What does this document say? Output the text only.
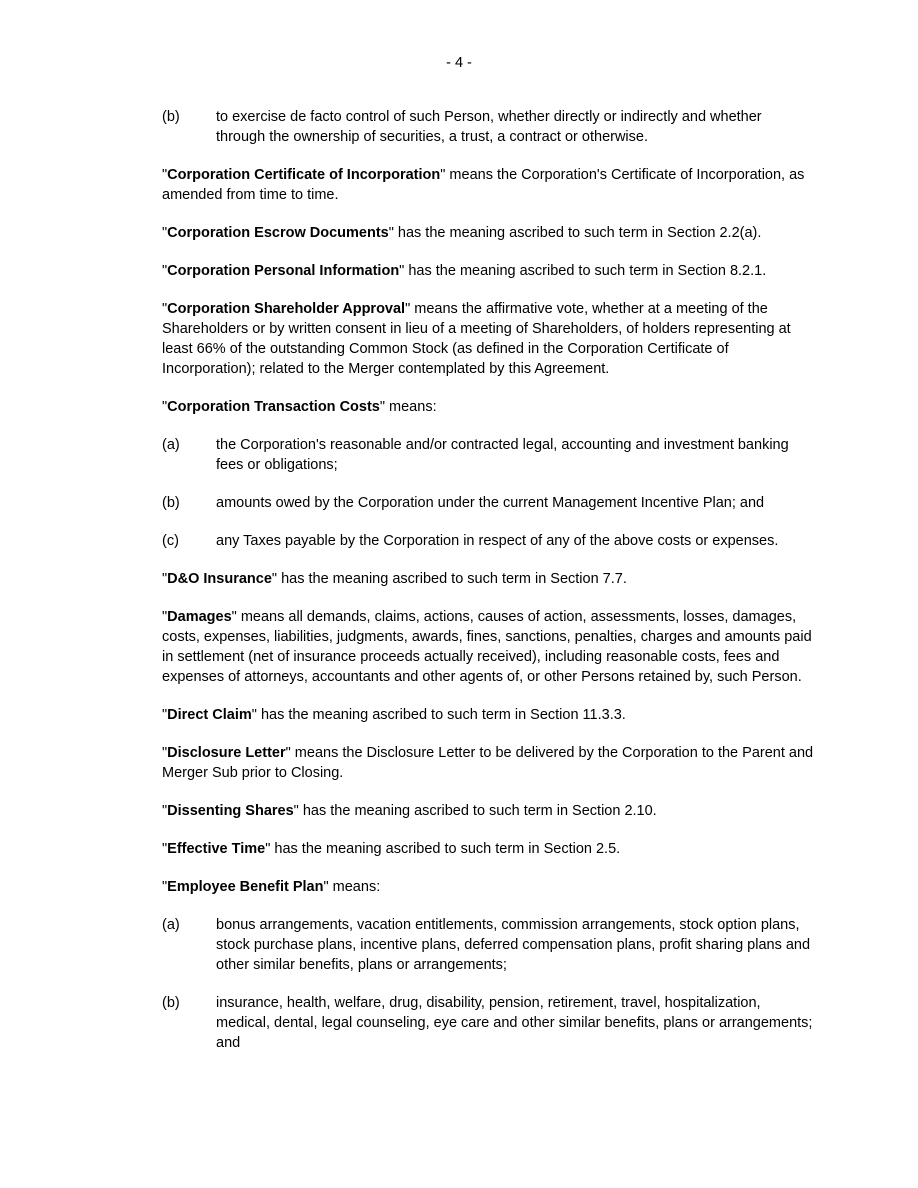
- 4 -
(b)	to exercise de facto control of such Person, whether directly or indirectly and whether through the ownership of securities, a trust, a contract or otherwise.

"Corporation Certificate of Incorporation" means the Corporation's Certificate of Incorporation, as amended from time to time.

"Corporation Escrow Documents" has the meaning ascribed to such term in Section 2.2(a).

"Corporation Personal Information" has the meaning ascribed to such term in Section 8.2.1.

"Corporation Shareholder Approval" means the affirmative vote, whether at a meeting of the Shareholders or by written consent in lieu of a meeting of Shareholders, of holders representing at least 66% of the outstanding Common Stock (as defined in the Corporation Certificate of Incorporation); related to the Merger contemplated by this Agreement.

"Corporation Transaction Costs" means:

(a)	the Corporation's reasonable and/or contracted legal, accounting and investment banking fees or obligations;
(b)	amounts owed by the Corporation under the current Management Incentive Plan; and
(c)	any Taxes payable by the Corporation in respect of any of the above costs or expenses.

"D&O Insurance" has the meaning ascribed to such term in Section 7.7.

"Damages" means all demands, claims, actions, causes of action, assessments, losses, damages, costs, expenses, liabilities, judgments, awards, fines, sanctions, penalties, charges and amounts paid in settlement (net of insurance proceeds actually received), including reasonable costs, fees and expenses of attorneys, accountants and other agents of, or other Persons retained by, such Person.

"Direct Claim" has the meaning ascribed to such term in Section 11.3.3.

"Disclosure Letter" means the Disclosure Letter to be delivered by the Corporation to the Parent and Merger Sub prior to Closing.

"Dissenting Shares" has the meaning ascribed to such term in Section 2.10.

"Effective Time" has the meaning ascribed to such term in Section 2.5.

"Employee Benefit Plan" means:

(a)	bonus arrangements, vacation entitlements, commission arrangements, stock option plans, stock purchase plans, incentive plans, deferred compensation plans, profit sharing plans and other similar benefits, plans or arrangements;
(b)	insurance, health, welfare, drug, disability, pension, retirement, travel, hospitalization, medical, dental, legal counseling, eye care and other similar benefits, plans or arrangements; and
